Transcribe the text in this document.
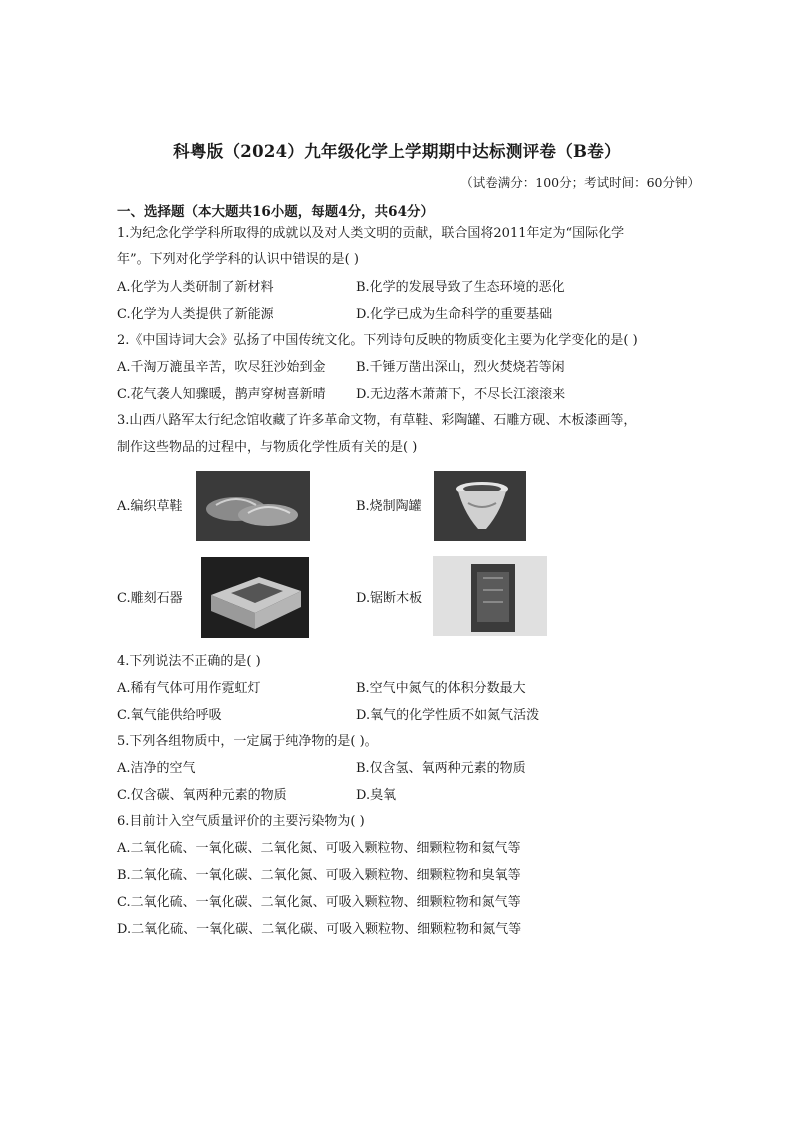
科粤版（2024）九年级化学上学期期中达标测评卷（B卷）
（试卷满分：100分；考试时间：60分钟）
一、选择题（本大题共16小题，每题4分，共64分）
1.为纪念化学学科所取得的成就以及对人类文明的贡献，联合国将2011年定为“国际化学
年”。下列对化学学科的认识中错误的是( )
A.化学为人类研制了新材料	B.化学的发展导致了生态环境的恶化
C.化学为人类提供了新能源	D.化学已成为生命科学的重要基础
2.《中国诗词大会》弘扬了中国传统文化。下列诗句反映的物质变化主要为化学变化的是( )
A.千淘万漉虽辛苦，吹尽狂沙始到金 B.千锤万凿出深山，烈火焚烧若等闲
C.花气袭人知骤暖，鹊声穿树喜新晴 D.无边落木萧萧下，不尽长江滚滚来
3.山西八路军太行纪念馆收藏了许多革命文物，有草鞋、彩陶罐、石雕方砚、木板漆画等，
制作这些物品的过程中，与物质化学性质有关的是( )
A.编织草鞋	B.烧制陶罐
C.雕刻石器	D.锯断木板
4.下列说法不正确的是( )
A.稀有气体可用作霓虹灯	B.空气中氮气的体积分数最大
C.氧气能供给呼吸	D.氧气的化学性质不如氮气活泼
5.下列各组物质中，一定属于纯净物的是( )。
A.洁净的空气	B.仅含氢、氧两种元素的物质
C.仅含碳、氧两种元素的物质	D.臭氧
6.目前计入空气质量评价的主要污染物为( )
A.二氧化硫、一氧化碳、二氧化氮、可吸入颗粒物、细颗粒物和氦气等
B.二氧化硫、一氧化碳、二氧化氮、可吸入颗粒物、细颗粒物和臭氧等
C.二氧化硫、一氧化碳、二氧化氮、可吸入颗粒物、细颗粒物和氮气等
D.二氧化硫、一氧化碳、二氧化碳、可吸入颗粒物、细颗粒物和氮气等
